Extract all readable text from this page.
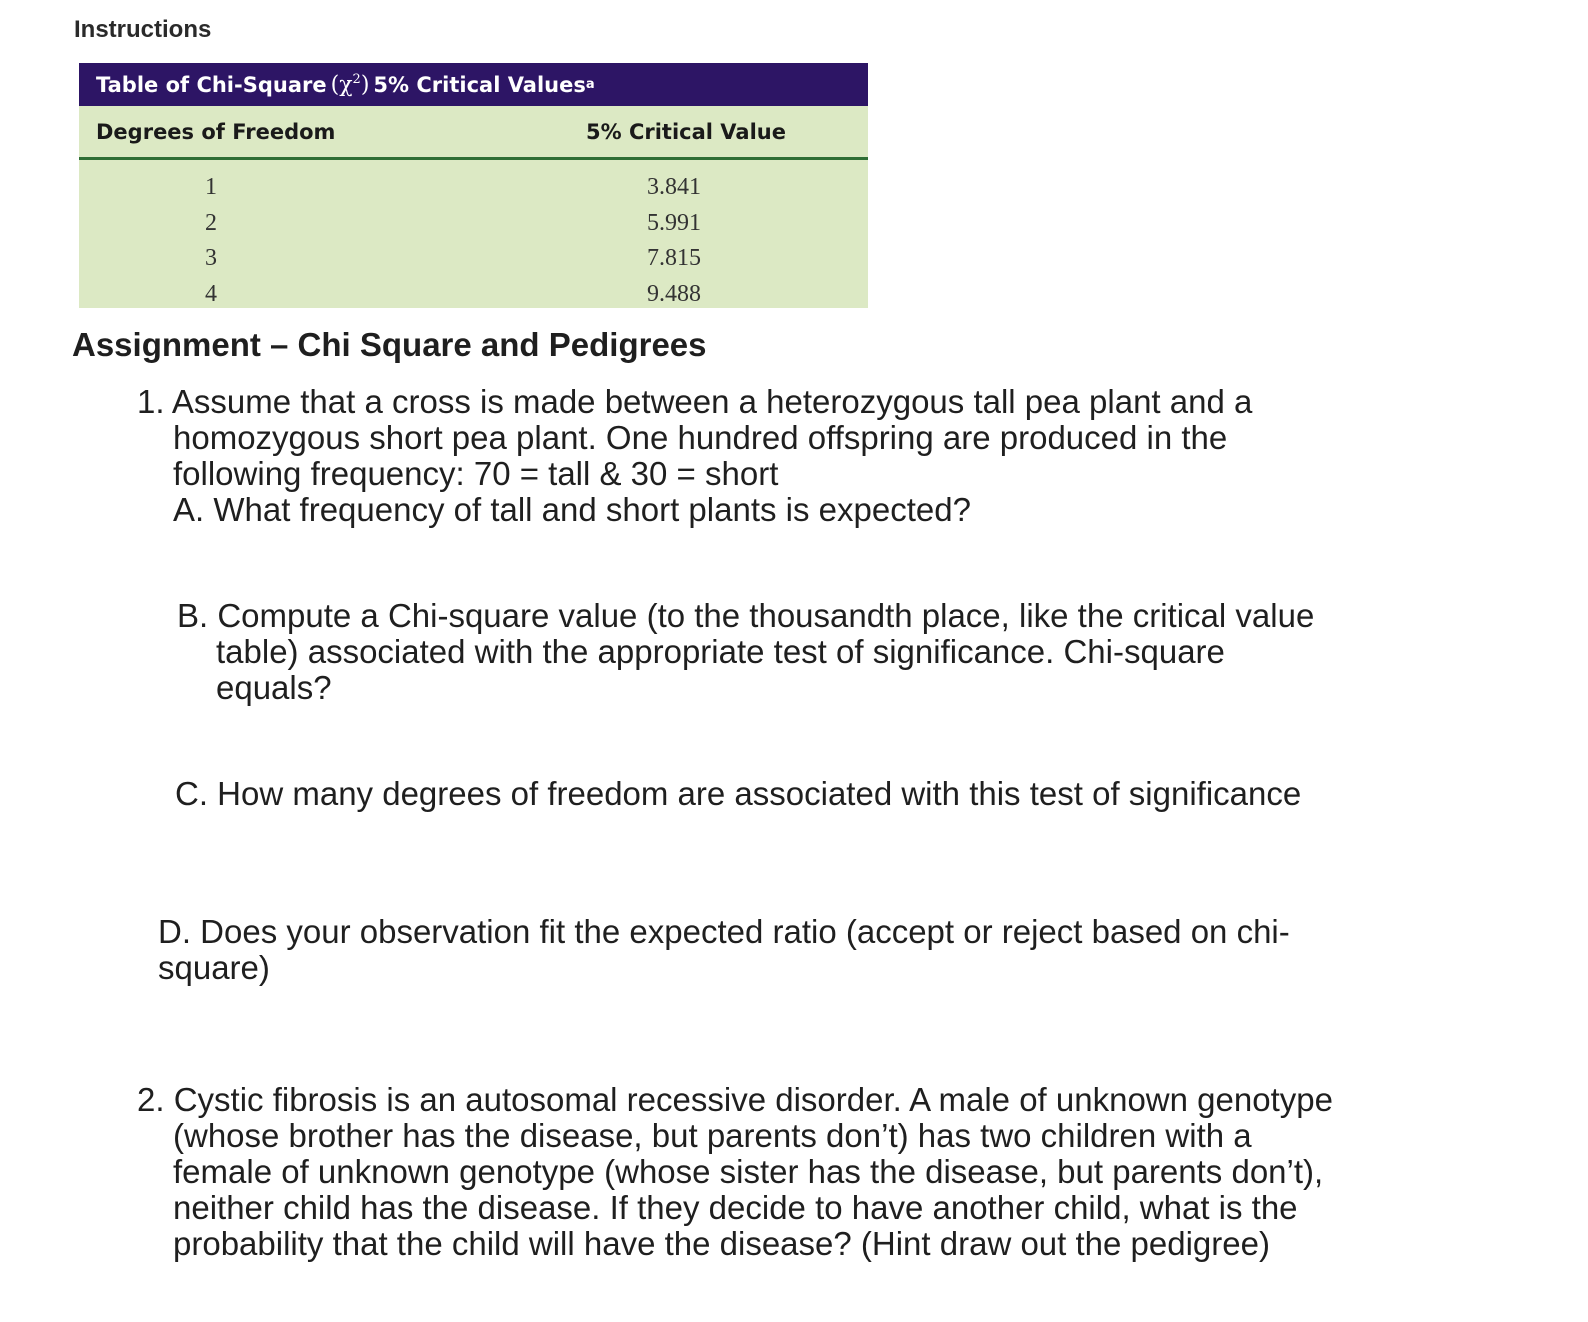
Instructions
Table of Chi-Square $(\chi^2)$ 5% Critical Values a
Degrees of Freedom	5% Critical Value
1	3.841
2	5.991
3	7.815
4	9.488
Assignment – Chi Square and Pedigrees
1. Assume that a cross is made between a heterozygous tall pea plant and a
homozygous short pea plant. One hundred offspring are produced in the
following frequency: 70 = tall & 30 = short
A. What frequency of tall and short plants is expected?
B. Compute a Chi-square value (to the thousandth place, like the critical value
table) associated with the appropriate test of significance. Chi-square
equals?
C. How many degrees of freedom are associated with this test of significance
D. Does your observation fit the expected ratio (accept or reject based on chi-
square)
2. Cystic fibrosis is an autosomal recessive disorder. A male of unknown genotype
(whose brother has the disease, but parents don’t) has two children with a
female of unknown genotype (whose sister has the disease, but parents don’t),
neither child has the disease. If they decide to have another child, what is the
probability that the child will have the disease? (Hint draw out the pedigree)
